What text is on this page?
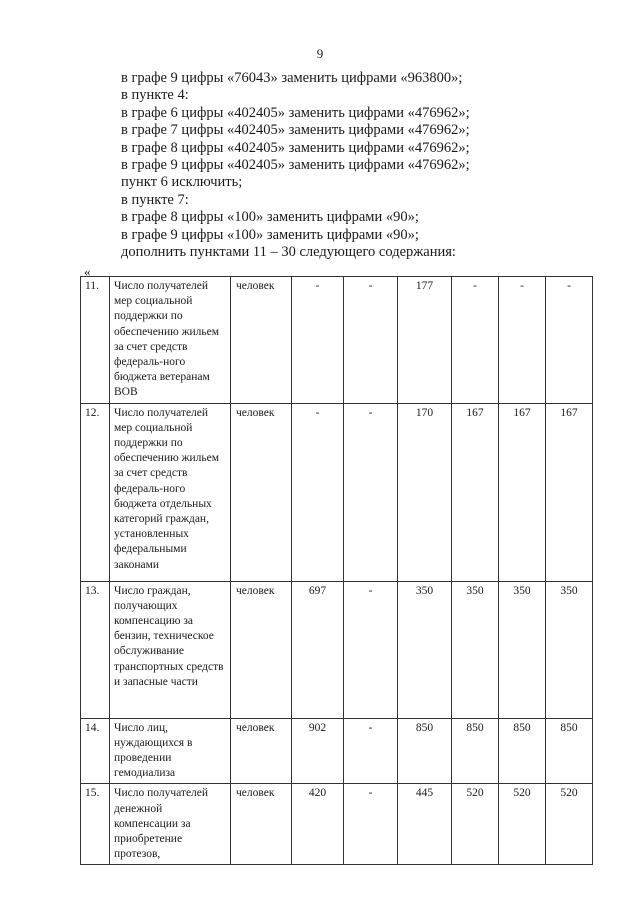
9
в графе 9 цифры «76043» заменить цифрами «963800»;
в пункте 4:
в графе 6 цифры «402405» заменить цифрами «476962»;
в графе 7 цифры «402405» заменить цифрами «476962»;
в графе 8 цифры «402405» заменить цифрами «476962»;
в графе 9 цифры «402405» заменить цифрами «476962»;
пункт 6 исключить;
в пункте 7:
в графе 8 цифры «100» заменить цифрами «90»;
в графе 9 цифры «100» заменить цифрами «90»;
дополнить пунктами 11 – 30 следующего содержания:
«
11.	Число получателей мер социальной поддержки по обеспечению жильем за счет средств федераль-ного бюджета ветеранам ВОВ	человек	-	-	177	-	-	-
12.	Число получателей мер социальной поддержки по обеспечению жильем за счет средств федераль-ного бюджета отдельных категорий граждан, установленных федеральными законами	человек	-	-	170	167	167	167
13.	Число граждан, получающих компенсацию за бензин, техническое обслуживание транспортных средств и запасные части	человек	697	-	350	350	350	350
14.	Число лиц, нуждающихся в проведении гемодиализа	человек	902	-	850	850	850	850
15.	Число получателей денежной компенсации за приобретение протезов,	человек	420	-	445	520	520	520
